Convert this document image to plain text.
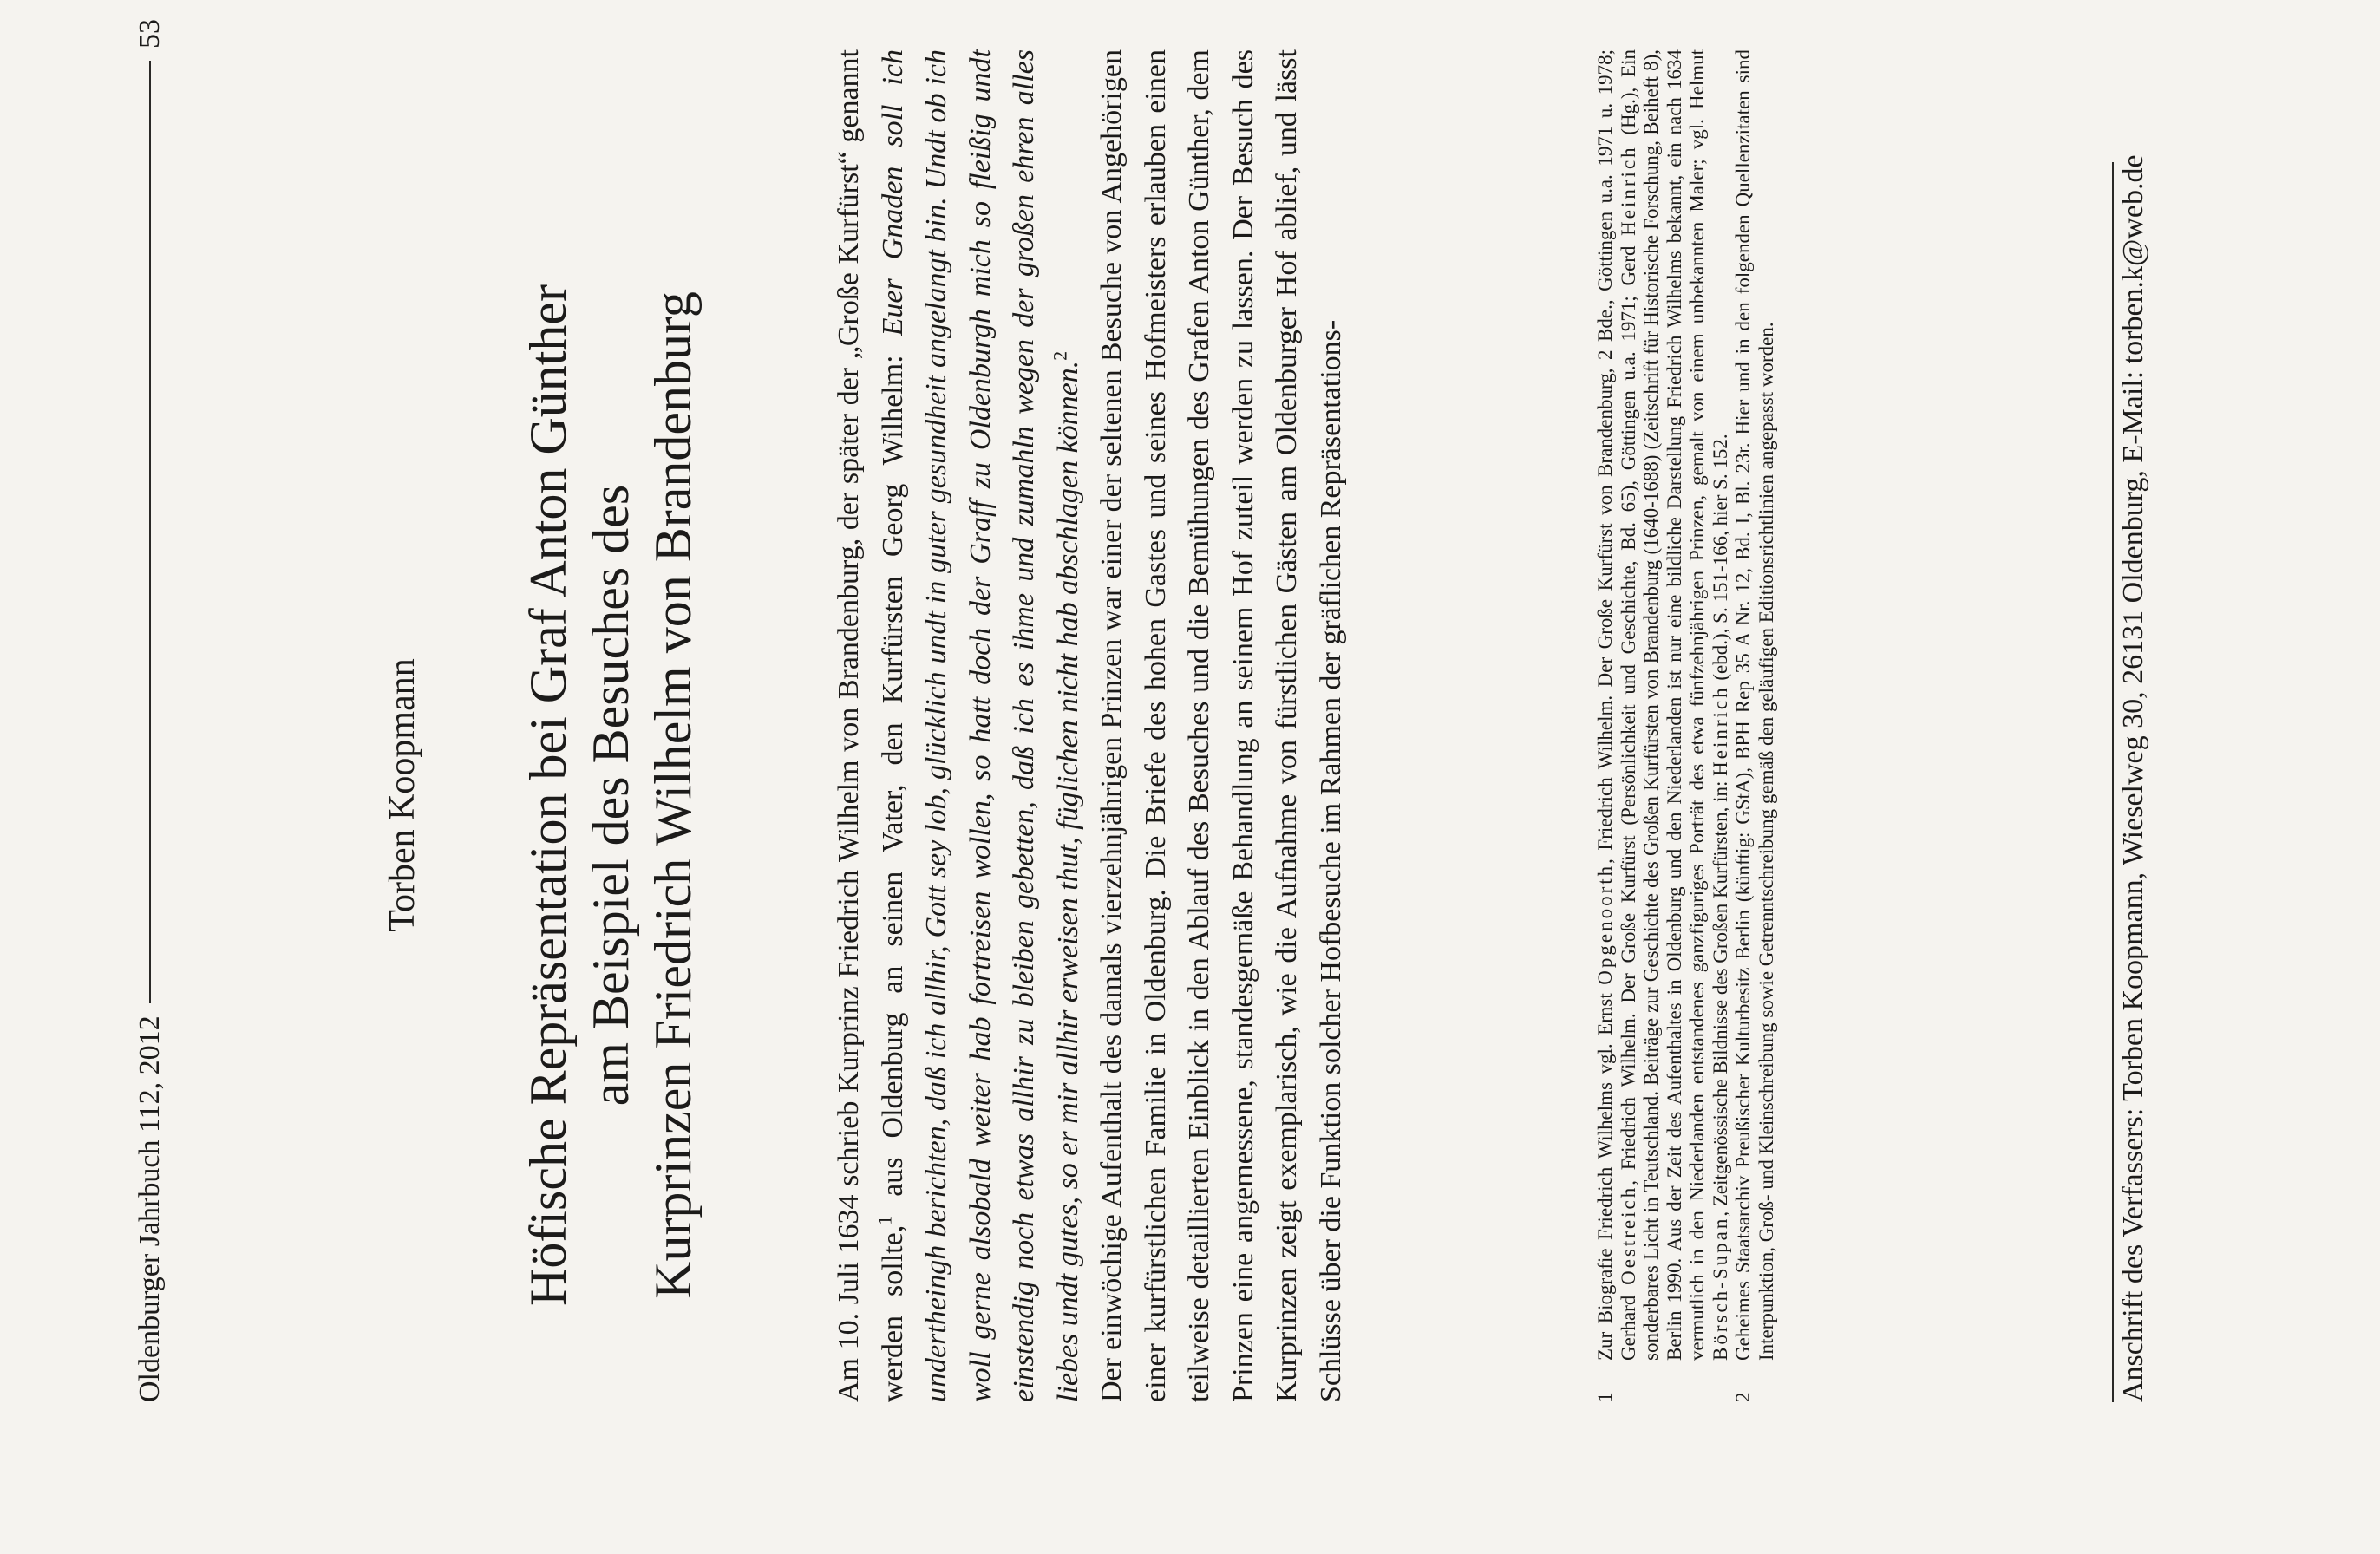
Oldenburger Jahrbuch 112, 2012
53
Torben Koopmann Höfische Repräsentation bei Graf Anton Günther am Beispiel des Besuches des Kurprinzen Friedrich Wilhelm von Brandenburg	Am 10. Juli 1634 schrieb Kurprinz Friedrich Wilhelm von Brandenburg, der später der „Große Kurfürst“ genannt werden sollte,$^1$ aus Oldenburg an seinen Vater, den Kurfürsten Georg Wilhelm: Euer Gnaden soll ich undertheingh berichten, daß ich allhir, Gott sey lob, glücklich undt in guter gesundheit angelangt bin. Undt ob ich woll gerne alsobald weiter hab fortreisen wollen, so hatt doch der Graff zu Oldenburgh mich so fleißig undt einstendig noch etwas allhir zu bleiben gebetten, daß ich es ihme und zumahln wegen der großen ehren alles liebes undt gutes, so er mir allhir erweisen thut, füglichen nicht hab abschlagen können.$^2$ Der einwöchige Aufenthalt des damals vierzehnjährigen Prinzen war einer der seltenen Besuche von Angehörigen einer kurfürstlichen Familie in Oldenburg. Die Briefe des hohen Gastes und seines Hofmeisters erlauben einen teilweise detaillierten Einblick in den Ablauf des Besuches und die Bemühungen des Grafen Anton Günther, dem Prinzen eine angemessene, standesgemäße Behandlung an seinem Hof zuteil werden zu lassen. Der Besuch des Kurprinzen zeigt exemplarisch, wie die Aufnahme von fürstlichen Gästen am Oldenburger Hof ablief, und lässt Schlüsse über die Funktion solcher Hofbesuche im Rahmen der gräflichen Repräsentations-	1
Zur Biografie Friedrich Wilhelms vgl. Ernst Opgenoorth, Friedrich Wilhelm. Der Große Kurfürst von Brandenburg, 2 Bde., Göttingen u.a. 1971 u. 1978; Gerhard Oestreich, Friedrich Wilhelm. Der Große Kurfürst (Persönlichkeit und Geschichte, Bd. 65), Göttingen u.a. 1971; Gerd Heinrich (Hg.), Ein sonderbares Licht in Teutschland. Beiträge zur Geschichte des Großen Kurfürsten von Brandenburg (1640-1688) (Zeitschrift für Historische Forschung, Beiheft 8), Berlin 1990. Aus der Zeit des Aufenthaltes in Oldenburg und den Niederlanden ist nur eine bildliche Darstellung Friedrich Wilhelms bekannt, ein nach 1634 vermutlich in den Niederlanden entstandenes ganzfiguriges Porträt des etwa fünfzehnjährigen Prinzen, gemalt von einem unbekannten Maler; vgl. Helmut Börsch-Supan, Zeitgenössische Bildnisse des Großen Kurfürsten, in: Heinrich (ebd.), S. 151-166, hier S. 152.
2
Geheimes Staatsarchiv Preußischer Kulturbesitz Berlin (künftig: GStA), BPH Rep 35 A Nr. 12, Bd. I, Bl. 23r. Hier und in den folgenden Quellenzitaten sind Interpunktion, Groß- und Kleinschreibung sowie Getrenntschreibung gemäß den geläufigen Editionsrichtlinien angepasst worden.	Anschrift des Verfassers: Torben Koopmann, Wieselweg 30, 26131 Oldenburg, E-Mail: torben.k@web.de
